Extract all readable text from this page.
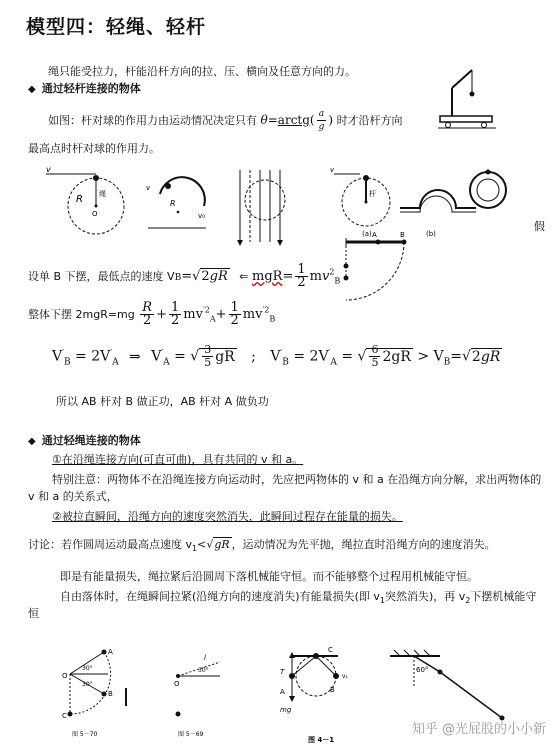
模型四：轻绳、轻杆
绳只能受拉力，杆能沿杆方向的拉、压、横向及任意方向的力。
◆ 通过轻杆连接的物体
如图：杆对球的作用力由运动情况决定只有 θ=arctg( $\frac{a}{g}$ ) 时才沿杆方向
最高点时杆对球的作用力。
v
R 绳
O
v
R
v₀
v
杆
(a)	(b)
A	B
假
设单 B 下摆，最低点的速度 VB=√2gR ⇐ $mgR= \frac{1}{2} mv^2_B$
整体下摆 $2mgR=mg \frac{R}{2} + \frac{1}{2} mv^{'2}_A+ \frac{1}{2} mv^{'2}_B$
$V'_B = 2V'_A$ ⇒ $V'_A$ = √ $\frac{3}{5}$ gR ; $V'_B = 2V'_A$ = √ $\frac{6}{5} 2gR > V_B=√2gR$
所以 AB 杆对 B 做正功，AB 杆对 A 做负功
◆ 通过轻绳连接的物体
①在沿绳连接方向(可直可曲)，具有共同的 v 和 a。
特别注意：两物体不在沿绳连接方向运动时，先应把两物体的 v 和 a 在沿绳方向分解，求出两物体的
v 和 a 的关系式，
②被拉直瞬间，沿绳方向的速度突然消失，此瞬间过程存在能量的损失。
讨论：若作圆周运动最高点速度 $v_1<√gR$ ，运动情况为先平抛，绳拉直时沿绳方向的速度消失。
即是有能量损失，绳拉紧后沿圆周下落机械能守恒。而不能够整个过程用机械能守恒。
自由落体时，在绳瞬间拉紧(沿绳方向的速度消失)有能量损失(即 $v_1$突然消失)，再 $v_2$下摆机械能守
恒
A
B
O
C
30°
30°
图 5－70
O
30°
l
图 5－69
T
mg
ν₁
A	B
C
图 4－1
60°
知乎 @光屁股的小小新
